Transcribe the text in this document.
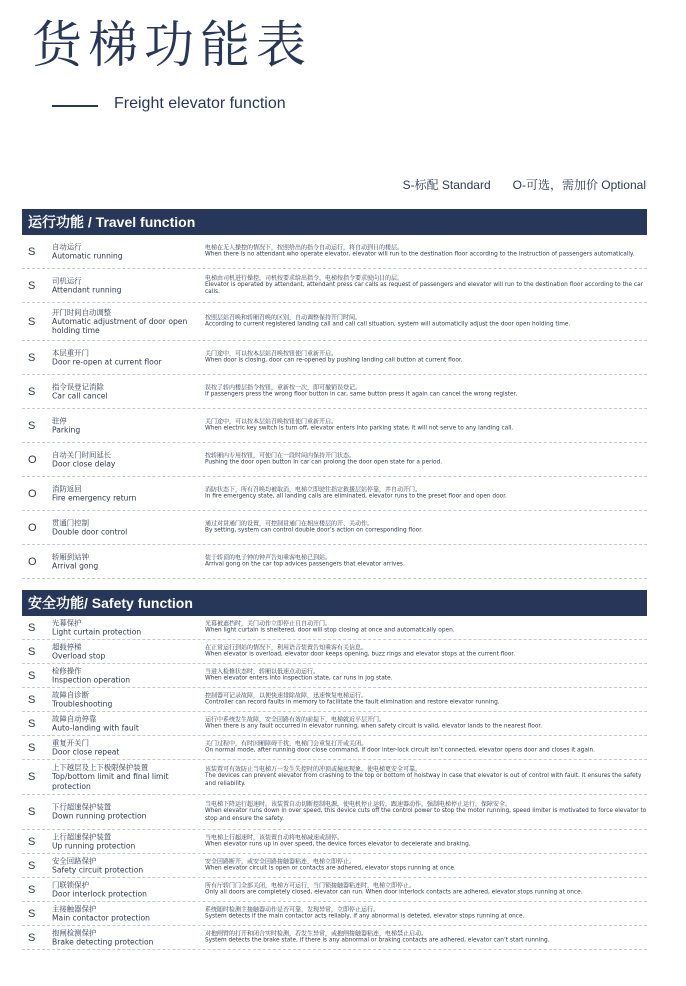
货梯功能表
Freight elevator function
S-标配 Standard O-可选，需加价 Optional
运行功能 / Travel function
S 自动运行
Automatic running
电梯在无人操控的情况下，按照给出的指令自动运行，将自动到目的楼层。
When there is no attendant who operate elevator, elevator will run to the destination floor according to the instruction of passengers automatically.
S 司机运行
Attendant running
电梯由司机进行操控，司机按要求给出指令，电梯按指令要求驶向目的层。
Elevator is operated by attendant, attendant press car calls as request of passengers and elevator will run to the destination floor according to the car calls.
S
开门时间自动调整
Automatic adjustment of door open holding time
按照层站召唤和轿厢召唤的区别，自动调整保持开门时间。
According to current registered landing call and call call situation, system will automaticlly adjust the door open holding time.
S 本层重开门
Door re-open at current floor
关门途中，可以按本层站召唤按钮使门重新开启。
When door is closing, door can re-opened by pushing landing call button at current floor.
S 指令误登记消除
Car call cancel
误按了轿内楼层指令按钮，重新按一次，即可撤销误登记。
If passengers press the wrong floor button in car, same button press it again can cancel the wrong register.
S 驻停
Parking
关门途中，可以按本层站召唤按钮使门重新开启。
When electric key switch is turn off, elevator enters into parking state, it will not serve to any landing call.
O 自动关门时间延长
Door close delay
按轿厢内专用按钮，可使门在一段时间内保持开门状态。
Pushing the door open button in car can prolong the door open state for a period.
O 消防返回
Fire emergency return
消防状态下，所有召唤均被取消，电梯立即驶往指定救援层站停靠，并自动开门。
In fire emergency state, all landing calls are eliminated, elevator runs to the preset floor and open door.
O 贯通门控制
Double door control
通过对贯通门的设置，可控制贯通门在相应楼层的开、关动作。
By setting, system can control double door’s action on corresponding floor.
O 轿厢到站钟
Arrival gong
装于轿顶的电子钟的钟声告知乘客电梯已到站。
Arrival gong on the car top advices passengers that elevator arrives.
安全功能/ Safety function
S 光幕保护
Light curtain protection
光幕被遮挡时，关门动作立即停止且自动开门。
When light curtain is sheltered, door will stop closing at once and automatically open.
S 超载停梯
Overload stop
在正常运行到站的情况下，利用语音装置告知乘客有关信息。
When elevator is overload, elevator door keeps opening, buzz rings and elevator stops at the current floor.
S 检修操作
Inspection operation
当进入检修状态时，轿厢以低速点动运行。
When elevator enters into inspection state, car runs in jog state.
S 故障自诊断
Troubleshooting
控制器可记录故障，以便快速排除故障，迅速恢复电梯运行。
Controller can record faults in memory to facilitate the fault elimination and restore elevator running.
S 故障自动停靠
Auto-landing with fault
运行中系统发生故障，安全回路有效的前提下，电梯就近平层开门。
When there is any fault occurred in elevator running, when safety circuit is valid, elevator lands to the nearest floor.
S 重复开关门
Door close repeat
关门过程中，有时因厢障碍干扰，电梯门会重复打开或关闭。
On normal mode, after running door close command, if door inter-lock circuit isn’t connected, elevator opens door and closes it again.
S
上下越层及上下极限保护装置
Top/bottom limit and final limit protection
该装置可有效防止当电梯万一发生失控时的冲顶或撞底现象，使电梯更安全可靠。
The devices can prevent elevator from crashing to the top or bottom of hoistway in case that elevator is out of control with fault. It ensures the safety and reliability.
S 下行超速保护装置
Down running protection
当电梯下降运行超速时，该装置自动切断控制电源，使电机停止运转，跟速器动作，强制电梯停止运行，保障安全。
When elevator runs down in over speed, this device cuts off the control power to stop the motor running, speed limiter is motivated to force elevator to stop and ensure the safety.
S 上行超速保护装置
Up running protection
当电梯上行超速时，该装置自动将电梯减速或制停。
When elevator runs up in over speed, the device forces elevator to decelerate and braking.
S 安全回路保护
Safety circuit protection
安全回路断开，或安全回路接触器粘连，电梯立即停止。
When elevator circuit is open or contacts are adhered, elevator stops running at once.
S 门联锁保护
Door interlock protection
所有厅轿门门全部关闭，电梯方可运行，当门锁接触器粘连时，电梯立即停止。
Only all doors are completely closed, elevator can run. When door interlock contacts are adhered, elevator stops running at once.
S 主接触器保护
Main contactor protection
系统随时检测主接触器动作是否可靠，发现异常，立即停止运行。
System detects if the main contactor acts reliably, if any abnormal is deteted, elevator stops running at once.
S 抱闸检测保护
Brake detecting protection
对抱闸臂的打开和闭合实时检测，若发生异常，或抱闸接触器粘连，电梯禁止启动。
System detects the brake state, if there is any abnormal or braking contacts are adhered, elevator can’t start running.
